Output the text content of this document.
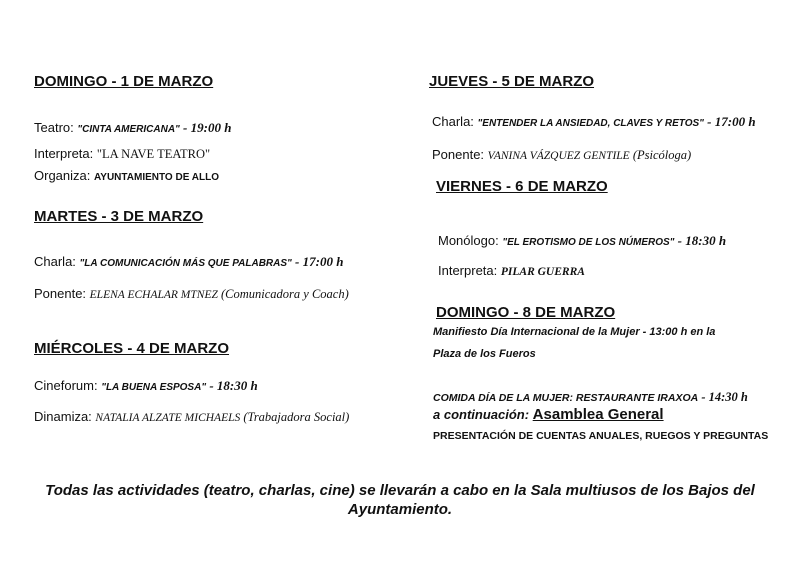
DOMINGO - 1 DE MARZO
Teatro: "CINTA AMERICANA" - 19:00 h
Interpreta: "LA NAVE TEATRO"
Organiza: AYUNTAMIENTO DE ALLO
MARTES - 3 DE MARZO
Charla: "LA COMUNICACIÓN MÁS QUE PALABRAS" - 17:00 h
Ponente: ELENA ECHALAR MTNEZ (Comunicadora y Coach)
MIÉRCOLES - 4 DE MARZO
Cineforum: "LA BUENA ESPOSA" - 18:30 h
Dinamiza: NATALIA ALZATE MICHAELS (Trabajadora Social)
JUEVES - 5 DE MARZO
Charla: "ENTENDER LA ANSIEDAD, CLAVES Y RETOS" - 17:00 h
Ponente: VANINA VÁZQUEZ GENTILE (Psicóloga)
VIERNES - 6 DE MARZO
Monólogo: "EL EROTISMO DE LOS NÚMEROS" - 18:30 h
Interpreta: PILAR GUERRA
DOMINGO - 8 DE MARZO
Manifiesto Día Internacional de la Mujer - 13:00 h en la
Plaza de los Fueros
COMIDA DÍA DE LA MUJER: RESTAURANTE IRAXOA - 14:30 h
a continuación: Asamblea General
PRESENTACIÓN DE CUENTAS ANUALES, RUEGOS Y PREGUNTAS
Todas las actividades (teatro, charlas, cine) se llevarán a cabo en la Sala multiusos de los Bajos del Ayuntamiento.
